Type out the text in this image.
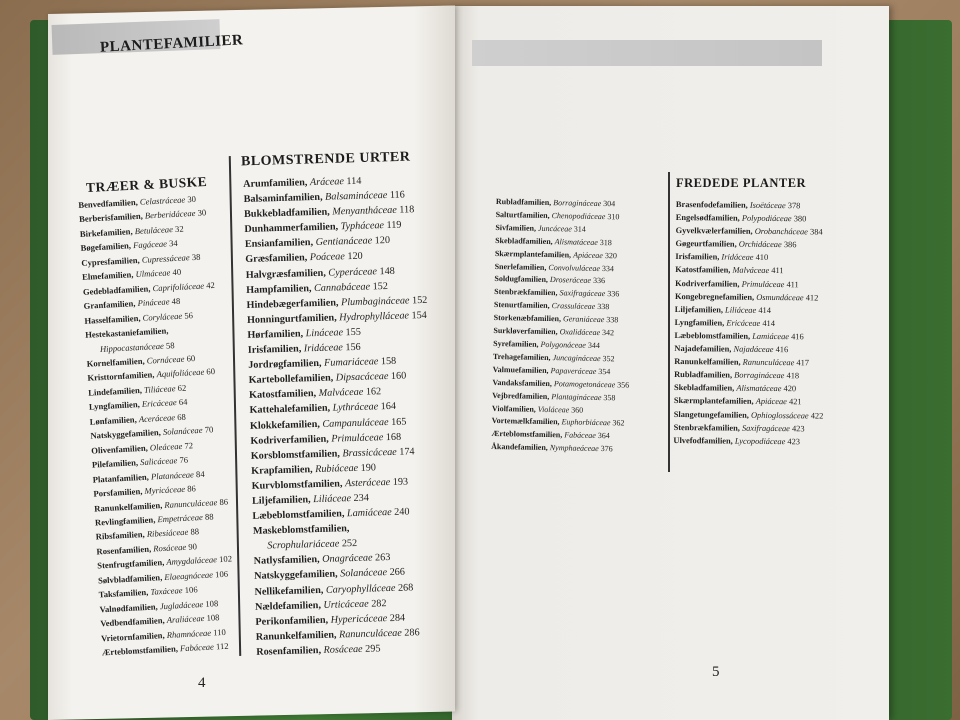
PLANTEFAMILIER
TRÆER & BUSKE
Benvedfamilien, Celastráceae 30
Berberisfamilien, Berberidáceae 30
Birkefamilien, Betuláceae 32
Bøgefamilien, Fagáceae 34
Cypresfamilien, Cupressáceae 38
Elmefamilien, Ulmáceae 40
Gedebladfamilien, Caprifoliáceae 42
Granfamilien, Pináceae 48
Hasselfamilien, Coryláceae 56
Hestekastaniefamilien,
Hippocastanáceae 58
Kornelfamilien, Cornáceae 60
Kristtornfamilien, Aquifoliáceae 60
Lindefamilien, Tiliáceae 62
Lyngfamilien, Ericáceae 64
Lønfamilien, Aceráceae 68
Natskyggefamilien, Solanáceae 70
Olivenfamilien, Oleáceae 72
Pilefamilien, Salicáceae 76
Platanfamilien, Platanáceae 84
Porsfamilien, Myricáceae 86
Ranunkelfamilien, Ranunculáceae 86
Revlingfamilien, Empetráceae 88
Ribsfamilien, Ribesiáceae 88
Rosenfamilien, Rosáceae 90
Stenfrugtfamilien, Amygdaláceae 102
Sølvbladfamilien, Elaeagnáceae 106
Taksfamilien, Taxáceae 106
Valnødfamilien, Jugladáceae 108
Vedbendfamilien, Araliáceae 108
Vrietornfamilien, Rhamnáceae 110
Ærteblomstfamilien, Fabáceae 112
BLOMSTRENDE URTER
Arumfamilien, Aráceae 114
Balsaminfamilien, Balsamináceae 116
Bukkebladfamilien, Menyantháceae 118
Dunhammerfamilien, Typháceae 119
Ensianfamilien, Gentianáceae 120
Græsfamilien, Poáceae 120
Halvgræsfamilien, Cyperáceae 148
Hampfamilien, Cannabáceae 152
Hindebægerfamilien, Plumbagináceae 152
Honningurtfamilien, Hydrophylláceae 154
Hørfamilien, Lináceae 155
Irisfamilien, Iridáceae 156
Jordrøgfamilien, Fumariáceae 158
Kartebollefamilien, Dipsacáceae 160
Katostfamilien, Malváceae 162
Kattehalefamilien, Lythráceae 164
Klokkefamilien, Campanuláceae 165
Kodriverfamilien, Primuláceae 168
Korsblomstfamilien, Brassicáceae 174
Krapfamilien, Rubiáceae 190
Kurvblomstfamilien, Asteráceae 193
Liljefamilien, Liliáceae 234
Læbeblomstfamilien, Lamiáceae 240
Maskeblomstfamilien,
Scrophulariáceae 252
Natlysfamilien, Onagráceae 263
Natskyggefamilien, Solanáceae 266
Nellikefamilien, Caryophylláceae 268
Nældefamilien, Urticáceae 282
Perikonfamilien, Hypericáceae 284
Ranunkelfamilien, Ranunculáceae 286
Rosenfamilien, Rosáceae 295
Rubladfamilien, Borragináceae 304
Salturtfamilien, Chenopodiáceae 310
Sivfamilien, Juncáceae 314
Skebladfamilien, Alismatáceae 318
Skærmplantefamilien, Apiáceae 320
Snerlefamilien, Convolvuláceae 334
Soldugfamilien, Droseráceae 336
Stenbrækfamilien, Saxifragáceae 336
Stenurtfamilien, Crassuláceae 338
Storkenæbfamilien, Geraniáceae 338
Surkløverfamilien, Oxalidáceae 342
Syrefamilien, Polygonáceae 344
Trehagefamilien, Juncagináceae 352
Valmuefamilien, Papaveráceae 354
Vandaksfamilien, Potamogetonáceae 356
Vejbredfamilien, Plantagináceae 358
Violfamilien, Violáceae 360
Vortemælkfamilien, Euphorbiáceae 362
Ærteblomstfamilien, Fabáceae 364
Åkandefamilien, Nymphaeáceae 376
FREDEDE PLANTER
Brasenfodefamilien, Isoëtáceae 378
Engelsødfamilien, Polypodiáceae 380
Gyvelkvælerfamilien, Orobancháceae 384
Gøgeurtfamilien, Orchidáceae 386
Irisfamilien, Iridáceae 410
Katostfamilien, Malváceae 411
Kodriverfamilien, Primuláceae 411
Kongebregnefamilien, Osmundáceae 412
Liljefamilien, Liliáceae 414
Lyngfamilien, Ericáceae 414
Læbeblomstfamilien, Lamiáceae 416
Najadefamilien, Najadáceae 416
Ranunkelfamilien, Ranunculáceae 417
Rubladfamilien, Borragináceae 418
Skebladfamilien, Alismatáceae 420
Skærmplantefamilien, Apiáceae 421
Slangetungefamilien, Ophioglossáceae 422
Stenbrækfamilien, Saxifragáceae 423
Ulvefodfamilien, Lycopodiáceae 423
4
5
